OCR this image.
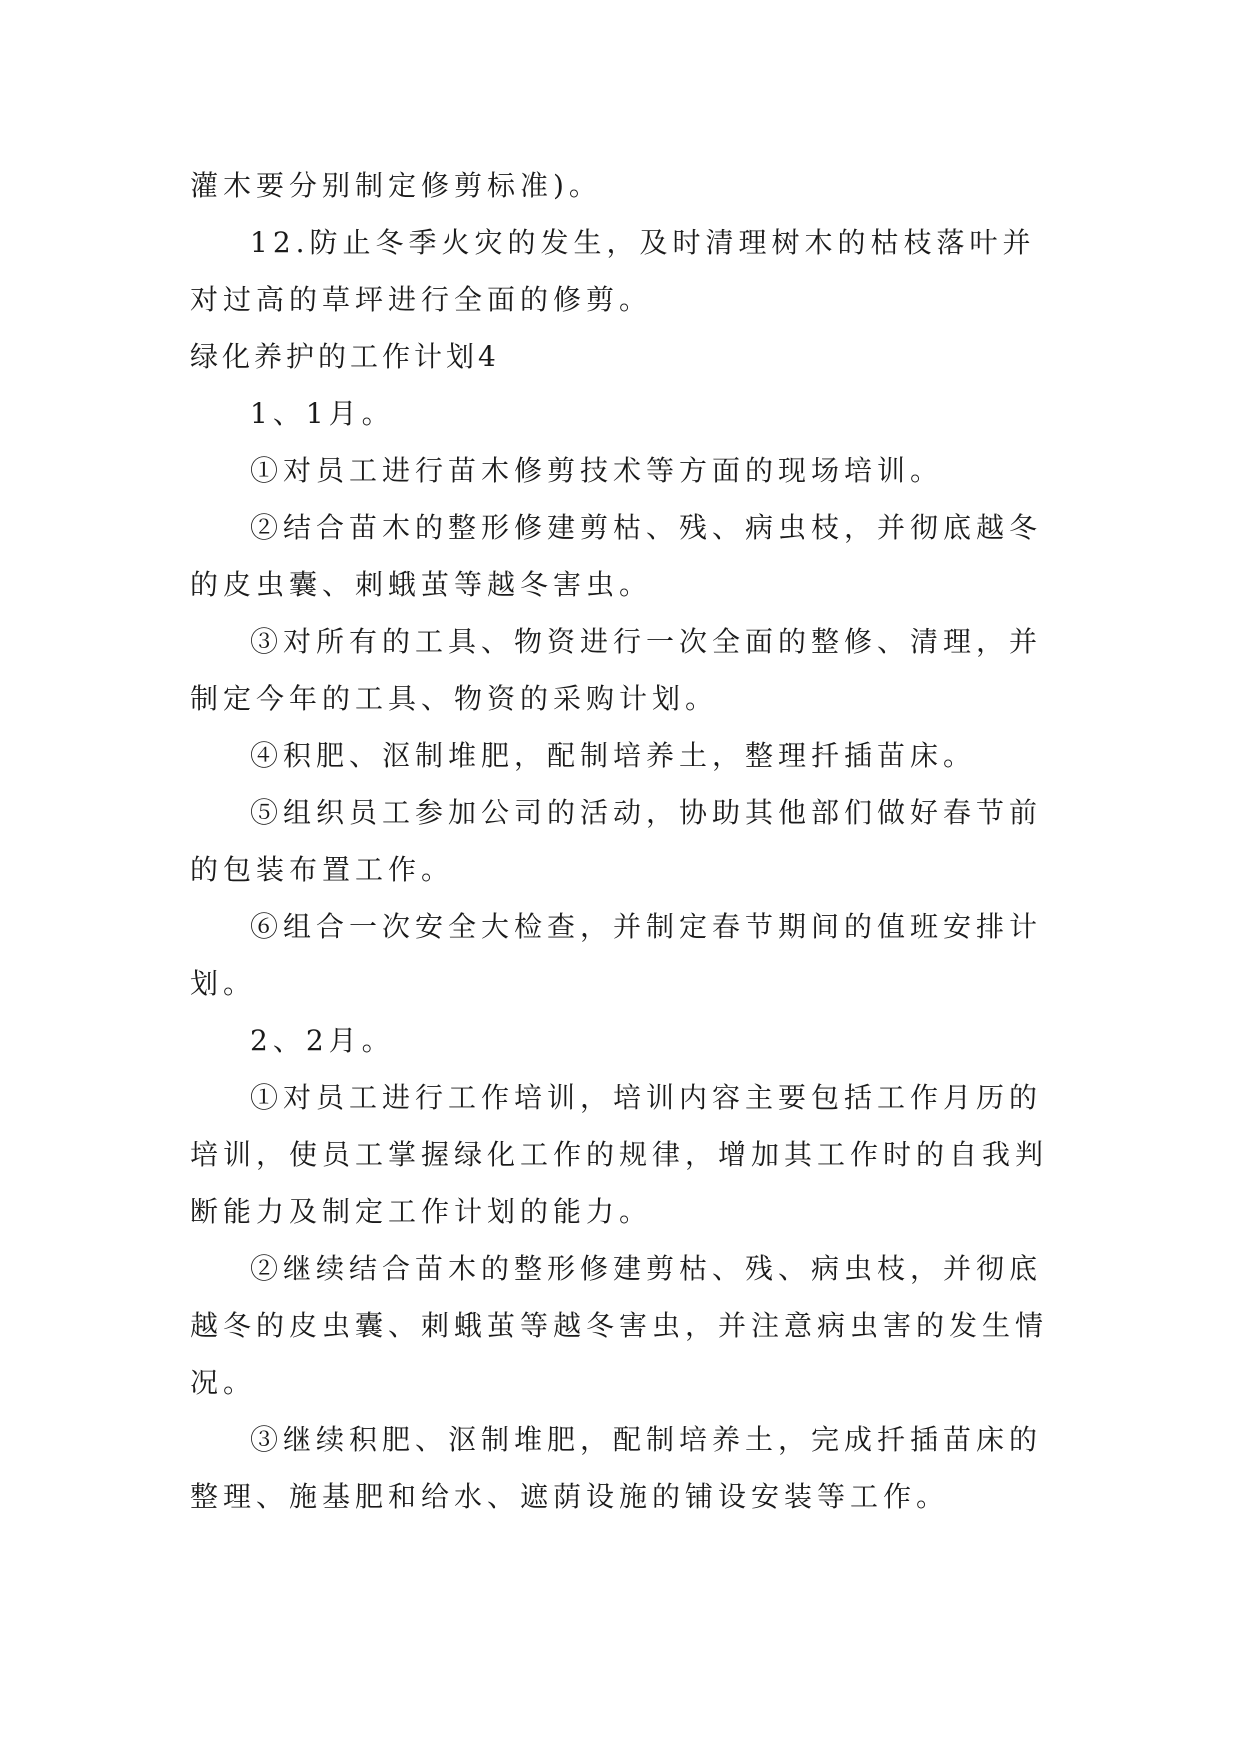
灌木要分别制定修剪标准)。
12.防止冬季火灾的发生，及时清理树木的枯枝落叶并
对过高的草坪进行全面的修剪。
绿化养护的工作计划4
1、1月。
①对员工进行苗木修剪技术等方面的现场培训。
②结合苗木的整形修建剪枯、残、病虫枝，并彻底越冬
的皮虫囊、刺蛾茧等越冬害虫。
③对所有的工具、物资进行一次全面的整修、清理，并
制定今年的工具、物资的采购计划。
④积肥、沤制堆肥，配制培养土，整理扦插苗床。
⑤组织员工参加公司的活动，协助其他部们做好春节前
的包装布置工作。
⑥组合一次安全大检查，并制定春节期间的值班安排计
划。
2、2月。
①对员工进行工作培训，培训内容主要包括工作月历的
培训，使员工掌握绿化工作的规律，增加其工作时的自我判
断能力及制定工作计划的能力。
②继续结合苗木的整形修建剪枯、残、病虫枝，并彻底
越冬的皮虫囊、刺蛾茧等越冬害虫，并注意病虫害的发生情
况。
③继续积肥、沤制堆肥，配制培养土，完成扦插苗床的
整理、施基肥和给水、遮荫设施的铺设安装等工作。
